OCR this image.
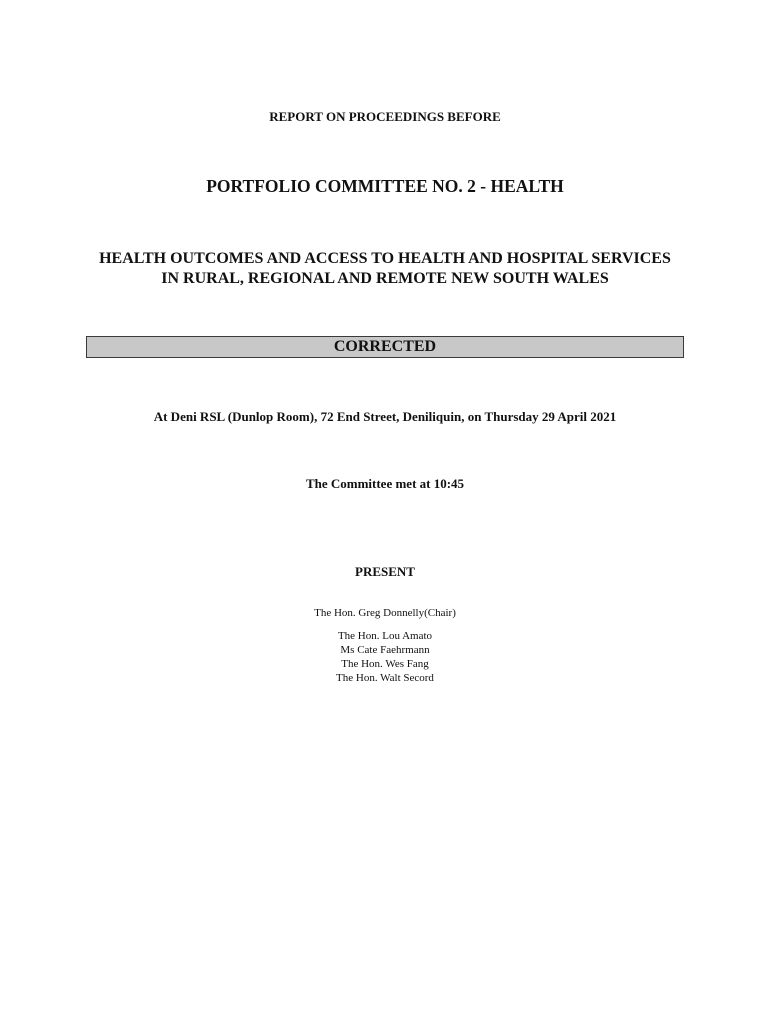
REPORT ON PROCEEDINGS BEFORE
PORTFOLIO COMMITTEE NO. 2 - HEALTH
HEALTH OUTCOMES AND ACCESS TO HEALTH AND HOSPITAL SERVICES IN RURAL, REGIONAL AND REMOTE NEW SOUTH WALES
CORRECTED
At Deni RSL (Dunlop Room), 72 End Street, Deniliquin, on Thursday 29 April 2021
The Committee met at 10:45
PRESENT
The Hon. Greg Donnelly(Chair)
The Hon. Lou Amato
Ms Cate Faehrmann
The Hon. Wes Fang
The Hon. Walt Secord
